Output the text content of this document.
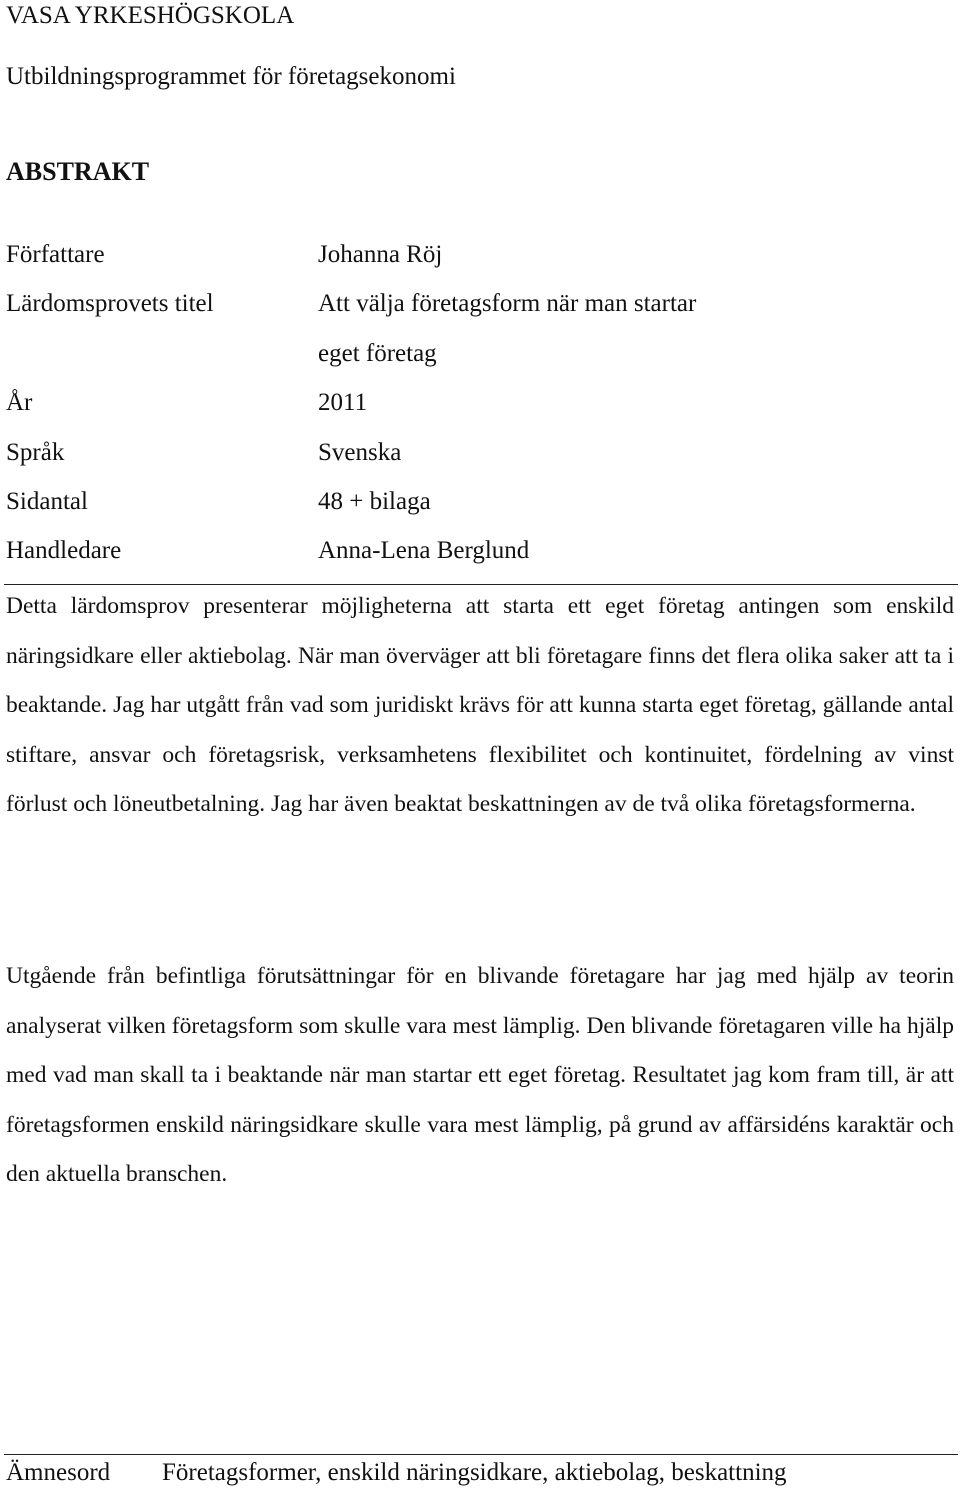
VASA YRKESHÖGSKOLA
Utbildningsprogrammet för företagsekonomi
ABSTRAKT
Författare	Johanna Röj
Lärdomsprovets titel	Att välja företagsform när man startar
eget företag
År	2011
Språk	Svenska
Sidantal	48 + bilaga
Handledare	Anna-Lena Berglund
Detta lärdomsprov presenterar möjligheterna att starta ett eget företag antingen som enskild näringsidkare eller aktiebolag. När man överväger att bli företagare finns det flera olika saker att ta i beaktande. Jag har utgått från vad som juridiskt krävs för att kunna starta eget företag, gällande antal stiftare, ansvar och företagsrisk, verksamhetens flexibilitet och kontinuitet, fördelning av vinst förlust och löneutbetalning. Jag har även beaktat beskattningen av de två olika företagsformerna.
Utgående från befintliga förutsättningar för en blivande företagare har jag med hjälp av teorin analyserat vilken företagsform som skulle vara mest lämplig. Den blivande företagaren ville ha hjälp med vad man skall ta i beaktande när man startar ett eget företag. Resultatet jag kom fram till, är att företagsformen enskild näringsidkare skulle vara mest lämplig, på grund av affärsidéns karaktär och den aktuella branschen.
Ämnesord Företagsformer, enskild näringsidkare, aktiebolag, beskattning
